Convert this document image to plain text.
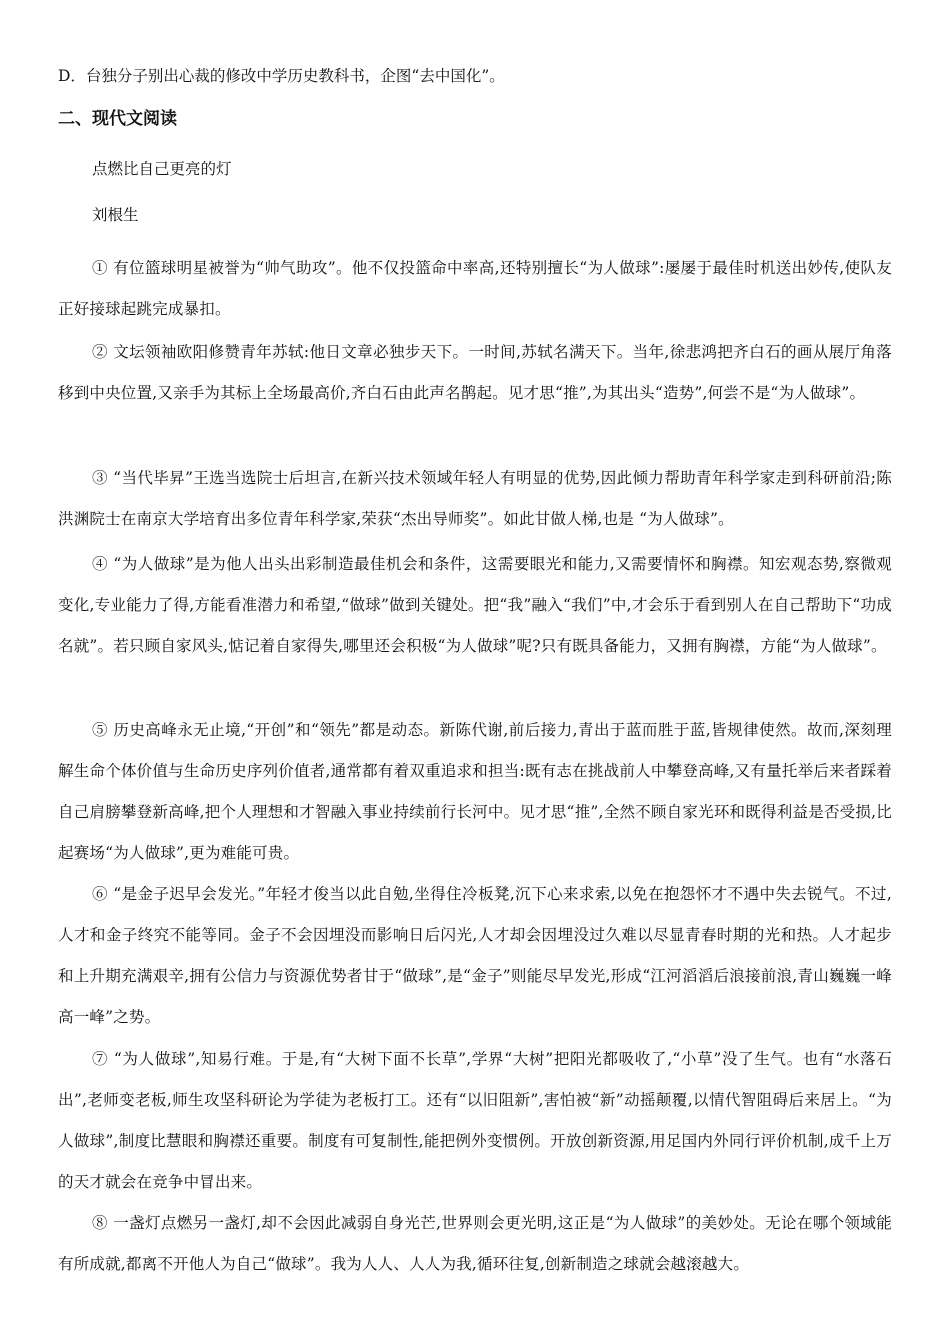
D．台独分子别出心裁的修改中学历史教科书，企图“去中国化”。

二、现代文阅读

点燃比自己更亮的灯

刘根生

① 有位篮球明星被誉为“帅气助攻”。他不仅投篮命中率高,还特别擅长“为人做球”:屡屡于最佳时机送出妙传,使队友正好接球起跳完成暴扣。

② 文坛领袖欧阳修赞青年苏轼:他日文章必独步天下。一时间,苏轼名满天下。当年,徐悲鸿把齐白石的画从展厅角落移到中央位置,又亲手为其标上全场最高价,齐白石由此声名鹊起。见才思“推”,为其出头“造势”,何尝不是“为人做球”。

③ “当代毕昇”王选当选院士后坦言,在新兴技术领域年轻人有明显的优势,因此倾力帮助青年科学家走到科研前沿;陈洪渊院士在南京大学培育出多位青年科学家,荣获“杰出导师奖”。如此甘做人梯,也是 “为人做球”。

④ “为人做球”是为他人出头出彩制造最佳机会和条件，这需要眼光和能力,又需要情怀和胸襟。知宏观态势,察微观变化,专业能力了得,方能看准潜力和希望,“做球”做到关键处。把“我”融入“我们”中,才会乐于看到别人在自己帮助下“功成名就”。若只顾自家风头,惦记着自家得失,哪里还会积极“为人做球”呢?只有既具备能力，又拥有胸襟，方能“为人做球”。

⑤ 历史高峰永无止境,“开创”和“领先”都是动态。新陈代谢,前后接力,青出于蓝而胜于蓝,皆规律使然。故而,深刻理解生命个体价值与生命历史序列价值者,通常都有着双重追求和担当:既有志在挑战前人中攀登高峰,又有量托举后来者踩着自己肩膀攀登新高峰,把个人理想和才智融入事业持续前行长河中。见才思“推”,全然不顾自家光环和既得利益是否受损,比起赛场“为人做球”,更为难能可贵。

⑥ “是金子迟早会发光。”年轻才俊当以此自勉,坐得住冷板凳,沉下心来求索,以免在抱怨怀才不遇中失去锐气。不过,人才和金子终究不能等同。金子不会因埋没而影响日后闪光,人才却会因埋没过久难以尽显青春时期的光和热。人才起步和上升期充满艰辛,拥有公信力与资源优势者甘于“做球”,是“金子”则能尽早发光,形成“江河滔滔后浪接前浪,青山巍巍一峰高一峰”之势。

⑦ “为人做球”,知易行难。于是,有“大树下面不长草”,学界“大树”把阳光都吸收了,“小草”没了生气。也有“水落石出”,老师变老板,师生攻坚科研论为学徒为老板打工。还有“以旧阻新”,害怕被“新”动摇颠覆,以情代智阻碍后来居上。“为人做球”,制度比慧眼和胸襟还重要。制度有可复制性,能把例外变惯例。开放创新资源,用足国内外同行评价机制,成千上万的天才就会在竞争中冒出来。

⑧ 一盏灯点燃另一盏灯,却不会因此减弱自身光芒,世界则会更光明,这正是“为人做球”的美妙处。无论在哪个领域能有所成就,都离不开他人为自己“做球”。我为人人、人人为我,循环往复,创新制造之球就会越滚越大。
